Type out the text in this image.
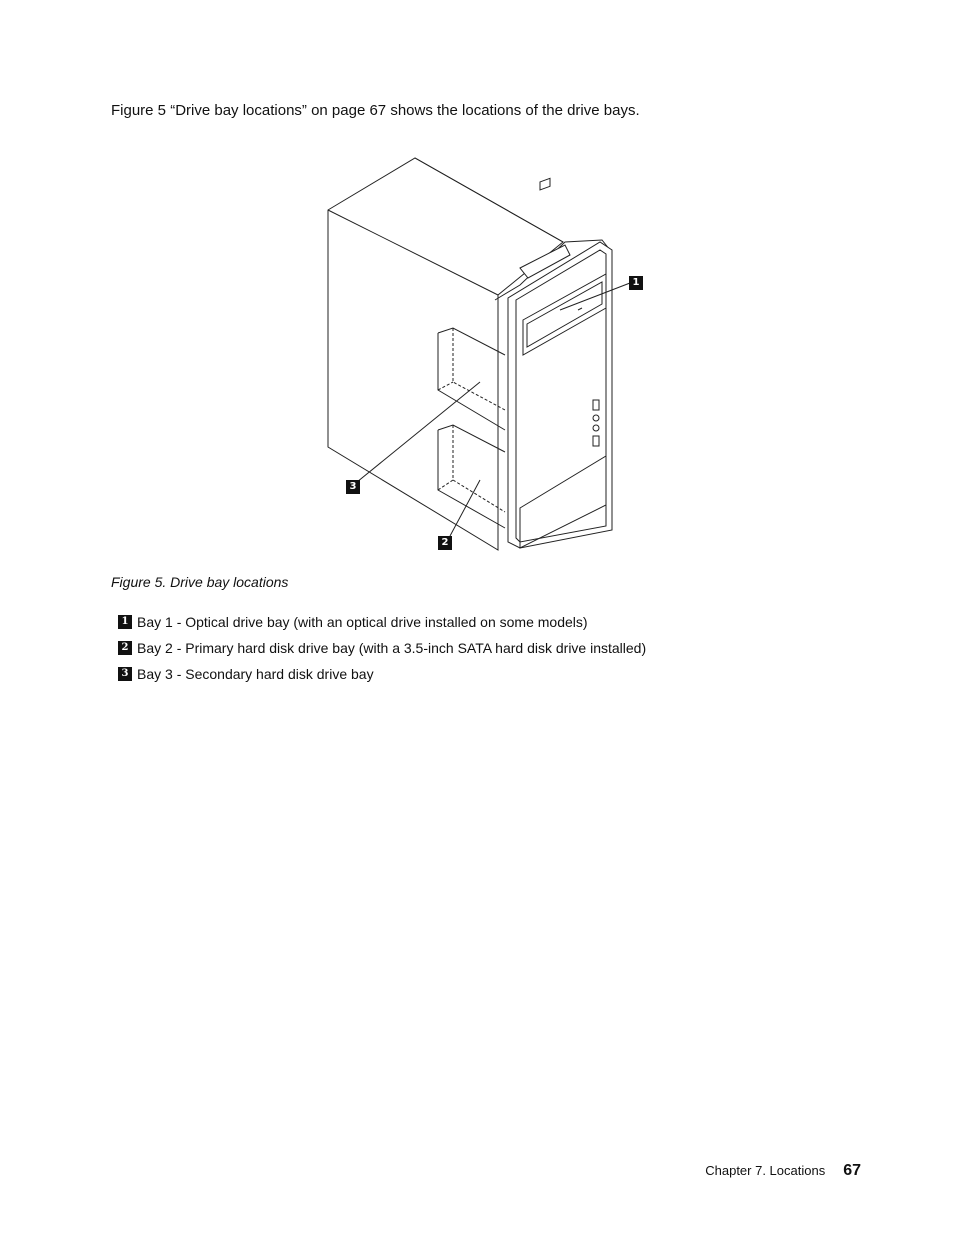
Figure 5 “Drive bay locations” on page 67 shows the locations of the drive bays.

1
2
3

Figure 5. Drive bay locations

1 Bay 1 - Optical drive bay (with an optical drive installed on some models)
2 Bay 2 - Primary hard disk drive bay (with a 3.5-inch SATA hard disk drive installed)
3 Bay 3 - Secondary hard disk drive bay
Chapter 7. Locations 67
